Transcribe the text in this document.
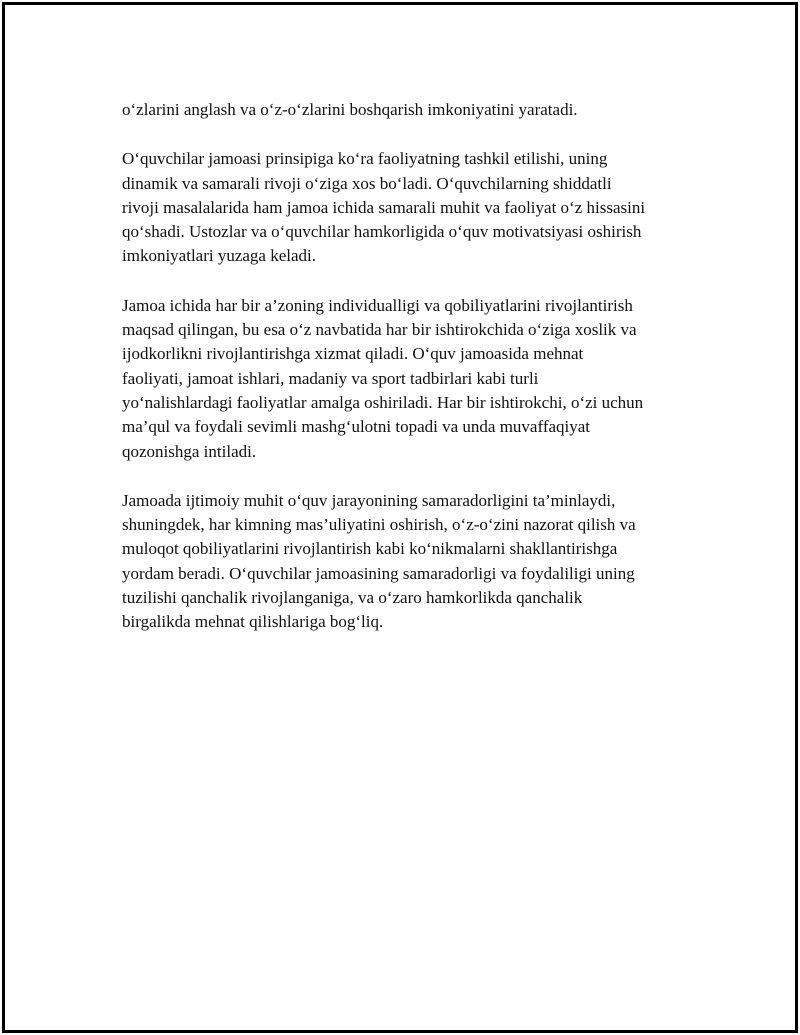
o‘zlarini anglash va o‘z-o‘zlarini boshqarish imkoniyatini yaratadi.

O‘quvchilar jamoasi prinsipiga ko‘ra faoliyatning tashkil etilishi, uning
dinamik va samarali rivoji o‘ziga xos bo‘ladi. O‘quvchilarning shiddatli
rivoji masalalarida ham jamoa ichida samarali muhit va faoliyat o‘z hissasini
qo‘shadi. Ustozlar va o‘quvchilar hamkorligida o‘quv motivatsiyasi oshirish
imkoniyatlari yuzaga keladi.

Jamoa ichida har bir a’zoning individualligi va qobiliyatlarini rivojlantirish
maqsad qilingan, bu esa o‘z navbatida har bir ishtirokchida o‘ziga xoslik va
ijodkorlikni rivojlantirishga xizmat qiladi. O‘quv jamoasida mehnat
faoliyati, jamoat ishlari, madaniy va sport tadbirlari kabi turli
yo‘nalishlardagi faoliyatlar amalga oshiriladi. Har bir ishtirokchi, o‘zi uchun
ma’qul va foydali sevimli mashg‘ulotni topadi va unda muvaffaqiyat
qozonishga intiladi.

Jamoada ijtimoiy muhit o‘quv jarayonining samaradorligini ta’minlaydi,
shuningdek, har kimning mas’uliyatini oshirish, o‘z-o‘zini nazorat qilish va
muloqot qobiliyatlarini rivojlantirish kabi ko‘nikmalarni shakllantirishga
yordam beradi. O‘quvchilar jamoasining samaradorligi va foydaliligi uning
tuzilishi qanchalik rivojlanganiga, va o‘zaro hamkorlikda qanchalik
birgalikda mehnat qilishlariga bog‘liq.
